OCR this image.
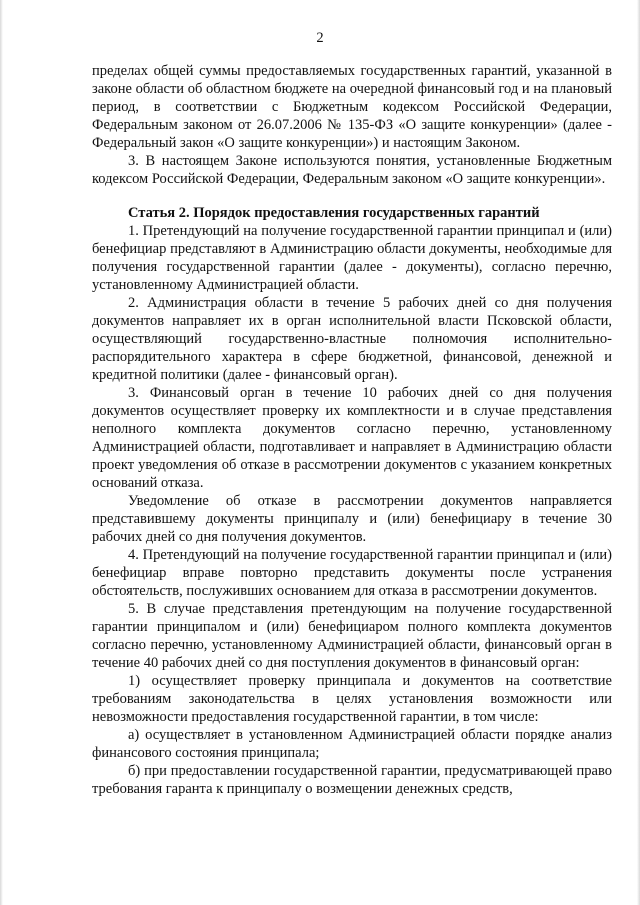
2

пределах общей суммы предоставляемых государственных гарантий, указанной в законе области об областном бюджете на очередной финансовый год и на плановый период, в соответствии с Бюджетным кодексом Российской Федерации, Федеральным законом от 26.07.2006 № 135-ФЗ «О защите конкуренции» (далее - Федеральный закон «О защите конкуренции») и настоящим Законом.

3. В настоящем Законе используются понятия, установленные Бюджетным кодексом Российской Федерации, Федеральным законом «О защите конкуренции».

Статья 2. Порядок предоставления государственных гарантий

1. Претендующий на получение государственной гарантии принципал и (или) бенефициар представляют в Администрацию области документы, необходимые для получения государственной гарантии (далее - документы), согласно перечню, установленному Администрацией области.

2. Администрация области в течение 5 рабочих дней со дня получения документов направляет их в орган исполнительной власти Псковской области, осуществляющий государственно-властные полномочия исполнительно-распорядительного характера в сфере бюджетной, финансовой, денежной и кредитной политики (далее - финансовый орган).

3. Финансовый орган в течение 10 рабочих дней со дня получения документов осуществляет проверку их комплектности и в случае представления неполного комплекта документов согласно перечню, установленному Администрацией области, подготавливает и направляет в Администрацию области проект уведомления об отказе в рассмотрении документов с указанием конкретных оснований отказа.

Уведомление об отказе в рассмотрении документов направляется представившему документы принципалу и (или) бенефициару в течение 30 рабочих дней со дня получения документов.

4. Претендующий на получение государственной гарантии принципал и (или) бенефициар вправе повторно представить документы после устранения обстоятельств, послуживших основанием для отказа в рассмотрении документов.

5. В случае представления претендующим на получение государственной гарантии принципалом и (или) бенефициаром полного комплекта документов согласно перечню, установленному Администрацией области, финансовый орган в течение 40 рабочих дней со дня поступления документов в финансовый орган:

1) осуществляет проверку принципала и документов на соответствие требованиям законодательства в целях установления возможности или невозможности предоставления государственной гарантии, в том числе:

а) осуществляет в установленном Администрацией области порядке анализ финансового состояния принципала;

б) при предоставлении государственной гарантии, предусматривающей право требования гаранта к принципалу о возмещении денежных средств,
